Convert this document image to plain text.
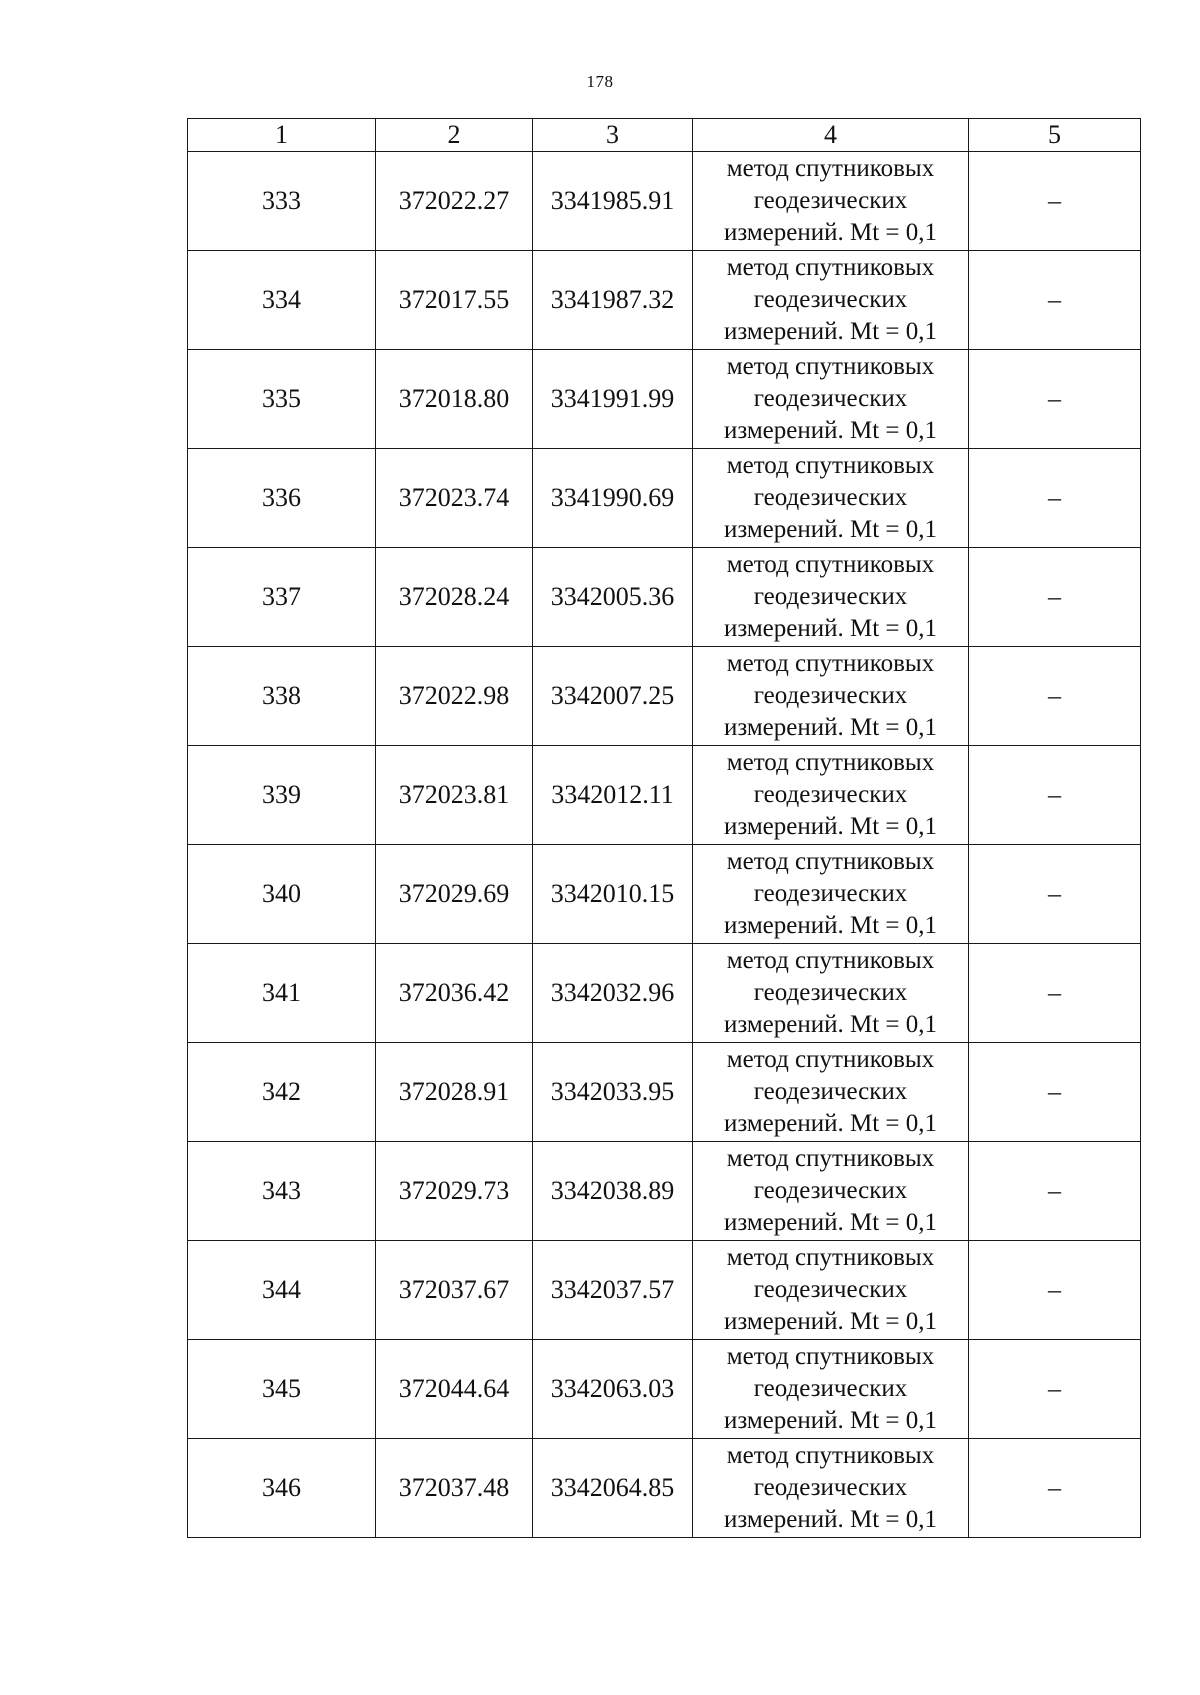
178
1	2	3	4	5
333	372022.27	3341985.91	метод спутниковых
геодезических
измерений. Mt = 0,1	–
334	372017.55	3341987.32	метод спутниковых
геодезических
измерений. Mt = 0,1	–
335	372018.80	3341991.99	метод спутниковых
геодезических
измерений. Mt = 0,1	–
336	372023.74	3341990.69	метод спутниковых
геодезических
измерений. Mt = 0,1	–
337	372028.24	3342005.36	метод спутниковых
геодезических
измерений. Mt = 0,1	–
338	372022.98	3342007.25	метод спутниковых
геодезических
измерений. Mt = 0,1	–
339	372023.81	3342012.11	метод спутниковых
геодезических
измерений. Mt = 0,1	–
340	372029.69	3342010.15	метод спутниковых
геодезических
измерений. Mt = 0,1	–
341	372036.42	3342032.96	метод спутниковых
геодезических
измерений. Mt = 0,1	–
342	372028.91	3342033.95	метод спутниковых
геодезических
измерений. Mt = 0,1	–
343	372029.73	3342038.89	метод спутниковых
геодезических
измерений. Mt = 0,1	–
344	372037.67	3342037.57	метод спутниковых
геодезических
измерений. Mt = 0,1	–
345	372044.64	3342063.03	метод спутниковых
геодезических
измерений. Mt = 0,1	–
346	372037.48	3342064.85	метод спутниковых
геодезических
измерений. Mt = 0,1	–
